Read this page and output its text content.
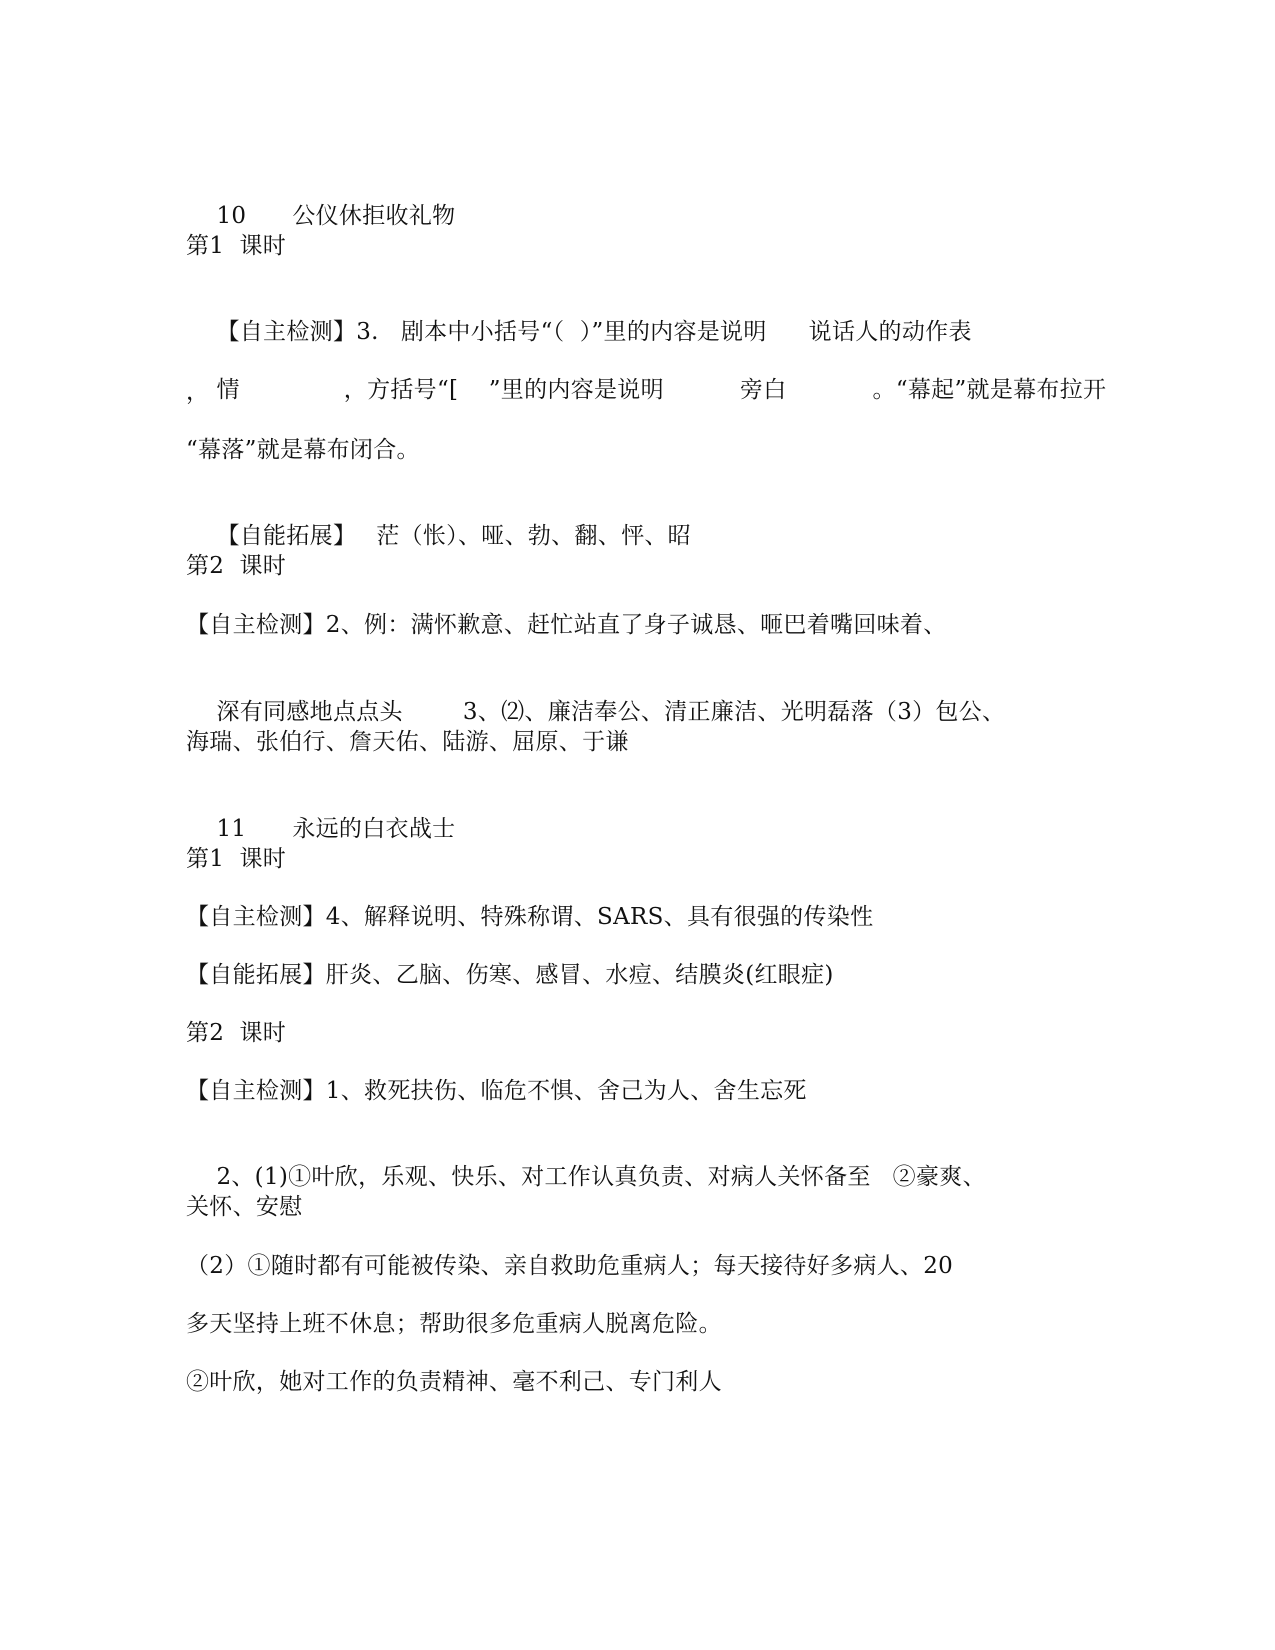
10 公仪休拒收礼物

第1  课时

【自主检测】3. 剧本中小括号“（  ）”里的内容是说明 说话人的动作表

情	，方括号“[    ”里的内容是说明	旁白	。“幕起”就是幕布拉开

，
“幕落”就是幕布闭合。

【自能拓展】 茫（怅）、哑、勃、翻、怦、昭

第2  课时
【自主检测】2、例：满怀歉意、赶忙站直了身子诚恳、咂巴着嘴回味着、

深有同感地点点头	3、⑵、廉洁奉公、清正廉洁、光明磊落（3）包公、

海瑞、张伯行、詹天佑、陆游、屈原、于谦

11 永远的白衣战士

第1  课时
【自主检测】4、解释说明、特殊称谓、SARS、具有很强的传染性
【自能拓展】肝炎、乙脑、伤寒、感冒、水痘、结膜炎(红眼症)
第2  课时
【自主检测】1、救死扶伤、临危不惧、舍己为人、舍生忘死

2、(1)①叶欣，乐观、快乐、对工作认真负责、对病人关怀备至 ②豪爽、

关怀、安慰
（2）①随时都有可能被传染、亲自救助危重病人；每天接待好多病人、20
多天坚持上班不休息；帮助很多危重病人脱离危险。
②叶欣，她对工作的负责精神、毫不利己、专门利人
